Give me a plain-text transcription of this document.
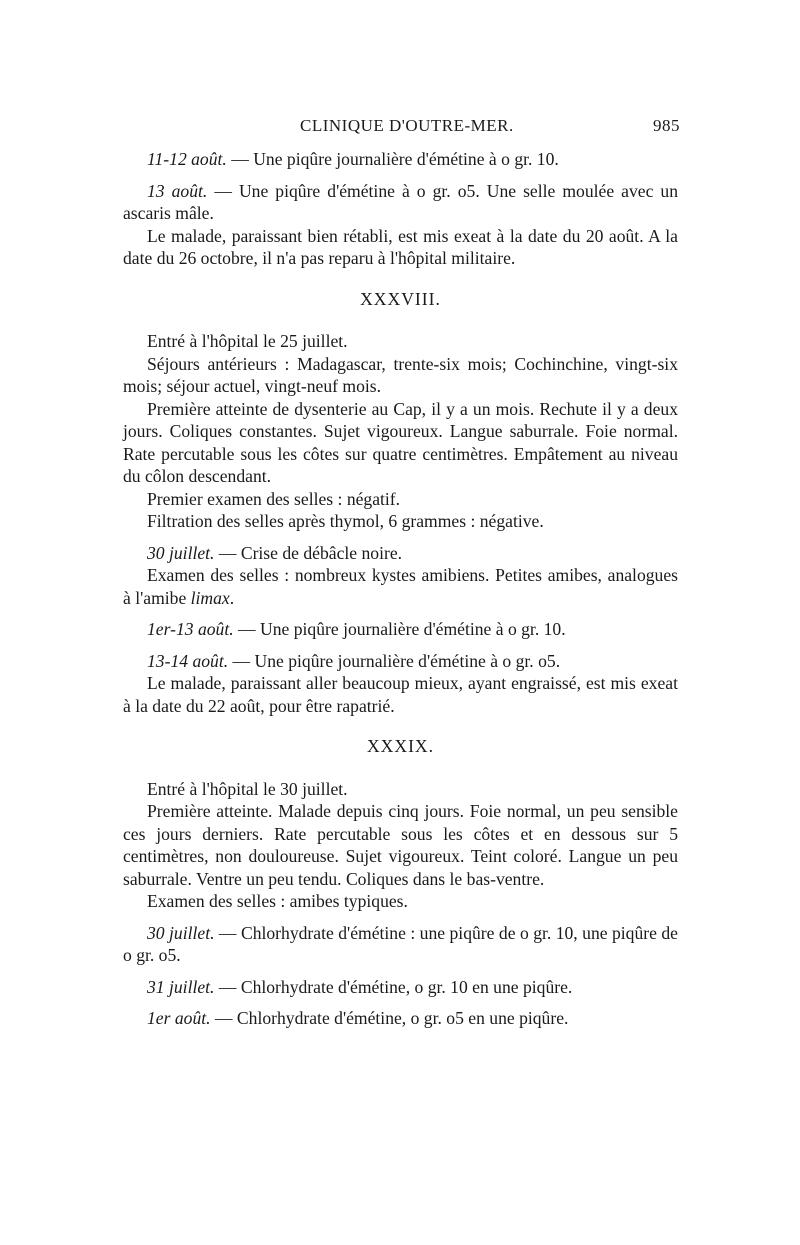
CLINIQUE D'OUTRE-MER.	985

11-12 août. — Une piqûre journalière d'émétine à o gr. 10.

13 août. — Une piqûre d'émétine à o gr. o5. Une selle moulée avec un ascaris mâle.

Le malade, paraissant bien rétabli, est mis exeat à la date du 20 août. A la date du 26 octobre, il n'a pas reparu à l'hôpital militaire.

XXXVIII.

Entré à l'hôpital le 25 juillet.

Séjours antérieurs : Madagascar, trente-six mois; Cochinchine, vingt-six mois; séjour actuel, vingt-neuf mois.

Première atteinte de dysenterie au Cap, il y a un mois. Rechute il y a deux jours. Coliques constantes. Sujet vigoureux. Langue saburrale. Foie normal. Rate percutable sous les côtes sur quatre centimètres. Empâtement au niveau du côlon descendant.

Premier examen des selles : négatif.

Filtration des selles après thymol, 6 grammes : négative.

30 juillet. — Crise de débâcle noire.

Examen des selles : nombreux kystes amibiens. Petites amibes, analogues à l'amibe limax.

1er-13 août. — Une piqûre journalière d'émétine à o gr. 10.

13-14 août. — Une piqûre journalière d'émétine à o gr. o5.

Le malade, paraissant aller beaucoup mieux, ayant engraissé, est mis exeat à la date du 22 août, pour être rapatrié.

XXXIX.

Entré à l'hôpital le 30 juillet.

Première atteinte. Malade depuis cinq jours. Foie normal, un peu sensible ces jours derniers. Rate percutable sous les côtes et en dessous sur 5 centimètres, non douloureuse. Sujet vigoureux. Teint coloré. Langue un peu saburrale. Ventre un peu tendu. Coliques dans le bas-ventre.

Examen des selles : amibes typiques.

30 juillet. — Chlorhydrate d'émétine : une piqûre de o gr. 10, une piqûre de o gr. o5.

31 juillet. — Chlorhydrate d'émétine, o gr. 10 en une piqûre.

1er août. — Chlorhydrate d'émétine, o gr. o5 en une piqûre.
